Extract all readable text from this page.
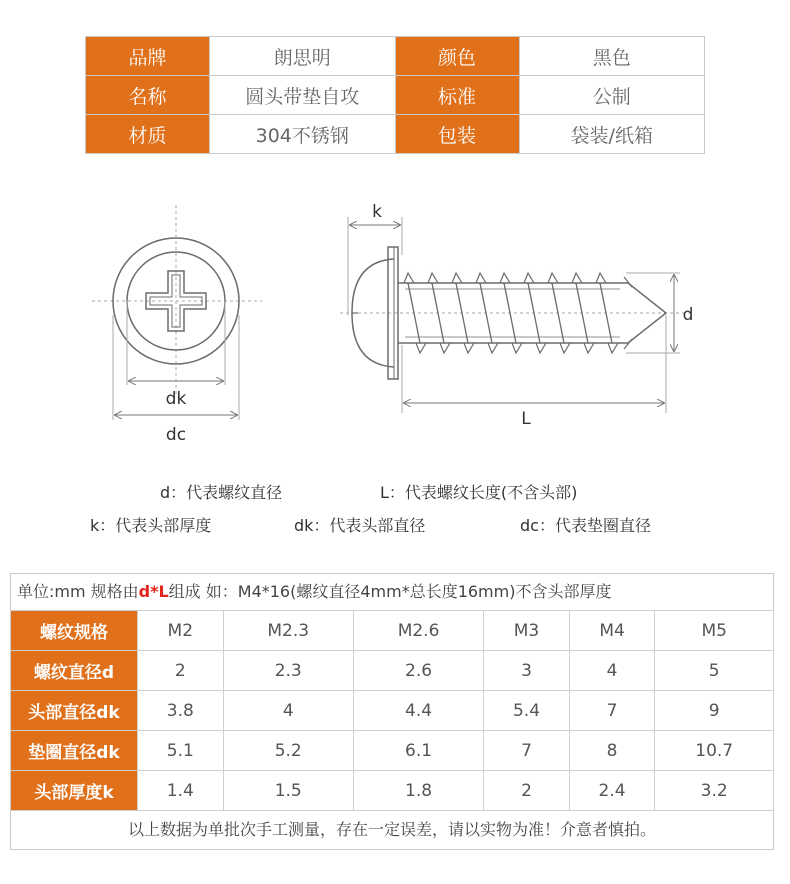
品牌	朗思明	颜色	黑色
名称	圆头带垫自攻	标准	公制
材质	304不锈钢	包装	袋装/纸箱
dk
dc
k
d
L
d：代表螺纹直径	L：代表螺纹长度(不含头部)
k：代表头部厚度	dk：代表头部直径	dc：代表垫圈直径
单位:mm 规格由d*L组成 如：M4*16(螺纹直径4mm*总长度16mm)不含头部厚度
螺纹规格	M2	M2.3	M2.6	M3	M4	M5
螺纹直径d	2	2.3	2.6	3	4	5
头部直径dk	3.8	4	4.4	5.4	7	9
垫圈直径dk	5.1	5.2	6.1	7	8	10.7
头部厚度k	1.4	1.5	1.8	2	2.4	3.2
以上数据为单批次手工测量，存在一定误差，请以实物为准！介意者慎拍。
